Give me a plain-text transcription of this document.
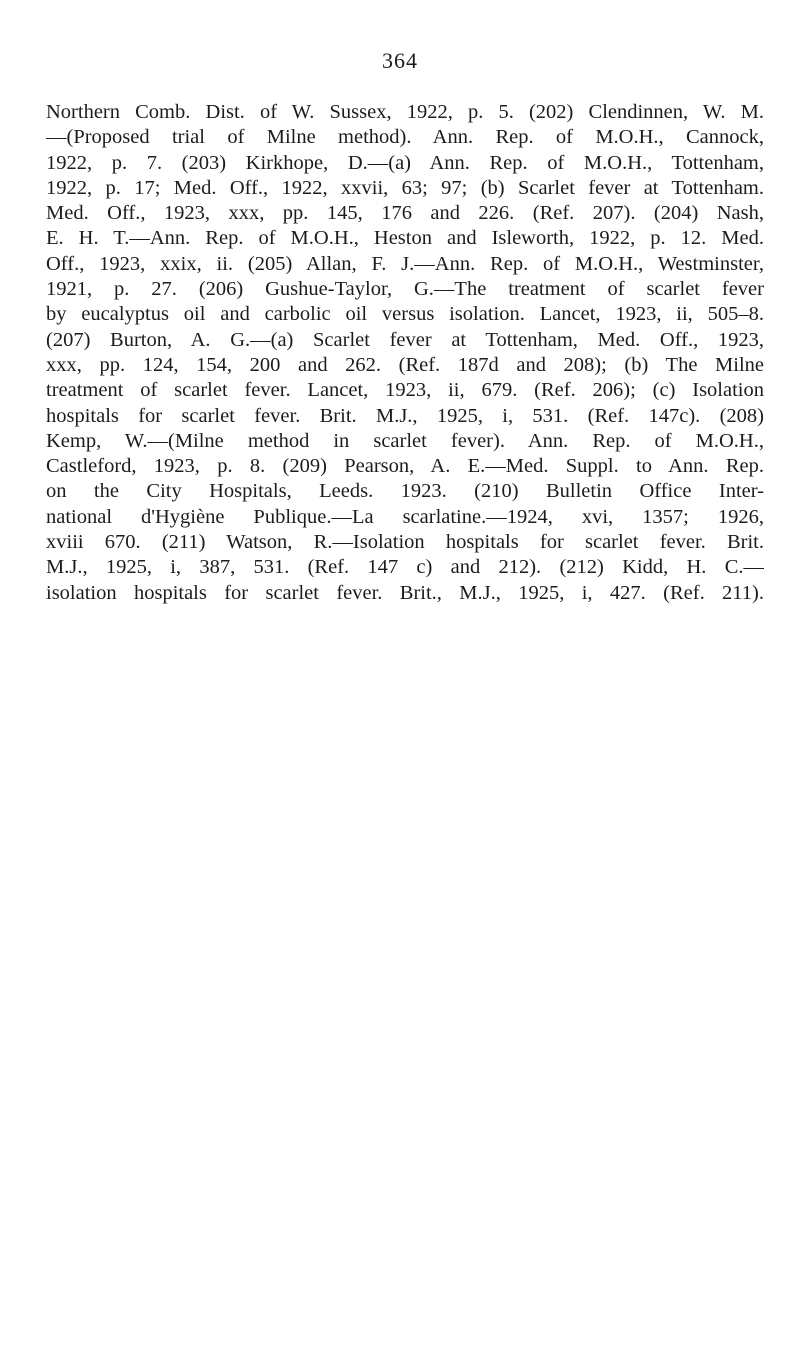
364
Northern Comb. Dist. of W. Sussex, 1922, p. 5. (202) Clendinnen, W. M.
—(Proposed trial of Milne method). Ann. Rep. of M.O.H., Cannock,
1922, p. 7. (203) Kirkhope, D.—(a) Ann. Rep. of M.O.H., Tottenham,
1922, p. 17; Med. Off., 1922, xxvii, 63; 97; (b) Scarlet fever at Tottenham.
Med. Off., 1923, xxx, pp. 145, 176 and 226. (Ref. 207). (204) Nash,
E. H. T.—Ann. Rep. of M.O.H., Heston and Isleworth, 1922, p. 12. Med.
Off., 1923, xxix, ii. (205) Allan, F. J.—Ann. Rep. of M.O.H., Westminster,
1921, p. 27. (206) Gushue-Taylor, G.—The treatment of scarlet fever
by eucalyptus oil and carbolic oil versus isolation. Lancet, 1923, ii, 505–8.
(207) Burton, A. G.—(a) Scarlet fever at Tottenham, Med. Off., 1923,
xxx, pp. 124, 154, 200 and 262. (Ref. 187d and 208); (b) The Milne
treatment of scarlet fever. Lancet, 1923, ii, 679. (Ref. 206); (c) Isolation
hospitals for scarlet fever. Brit. M.J., 1925, i, 531. (Ref. 147c). (208)
Kemp, W.—(Milne method in scarlet fever). Ann. Rep. of M.O.H.,
Castleford, 1923, p. 8. (209) Pearson, A. E.—Med. Suppl. to Ann. Rep.
on the City Hospitals, Leeds. 1923. (210) Bulletin Office Inter-
national d'Hygiène Publique.—La scarlatine.—1924, xvi, 1357; 1926,
xviii 670. (211) Watson, R.—Isolation hospitals for scarlet fever. Brit.
M.J., 1925, i, 387, 531. (Ref. 147 c) and 212). (212) Kidd, H. C.—
isolation hospitals for scarlet fever. Brit., M.J., 1925, i, 427. (Ref. 211).
